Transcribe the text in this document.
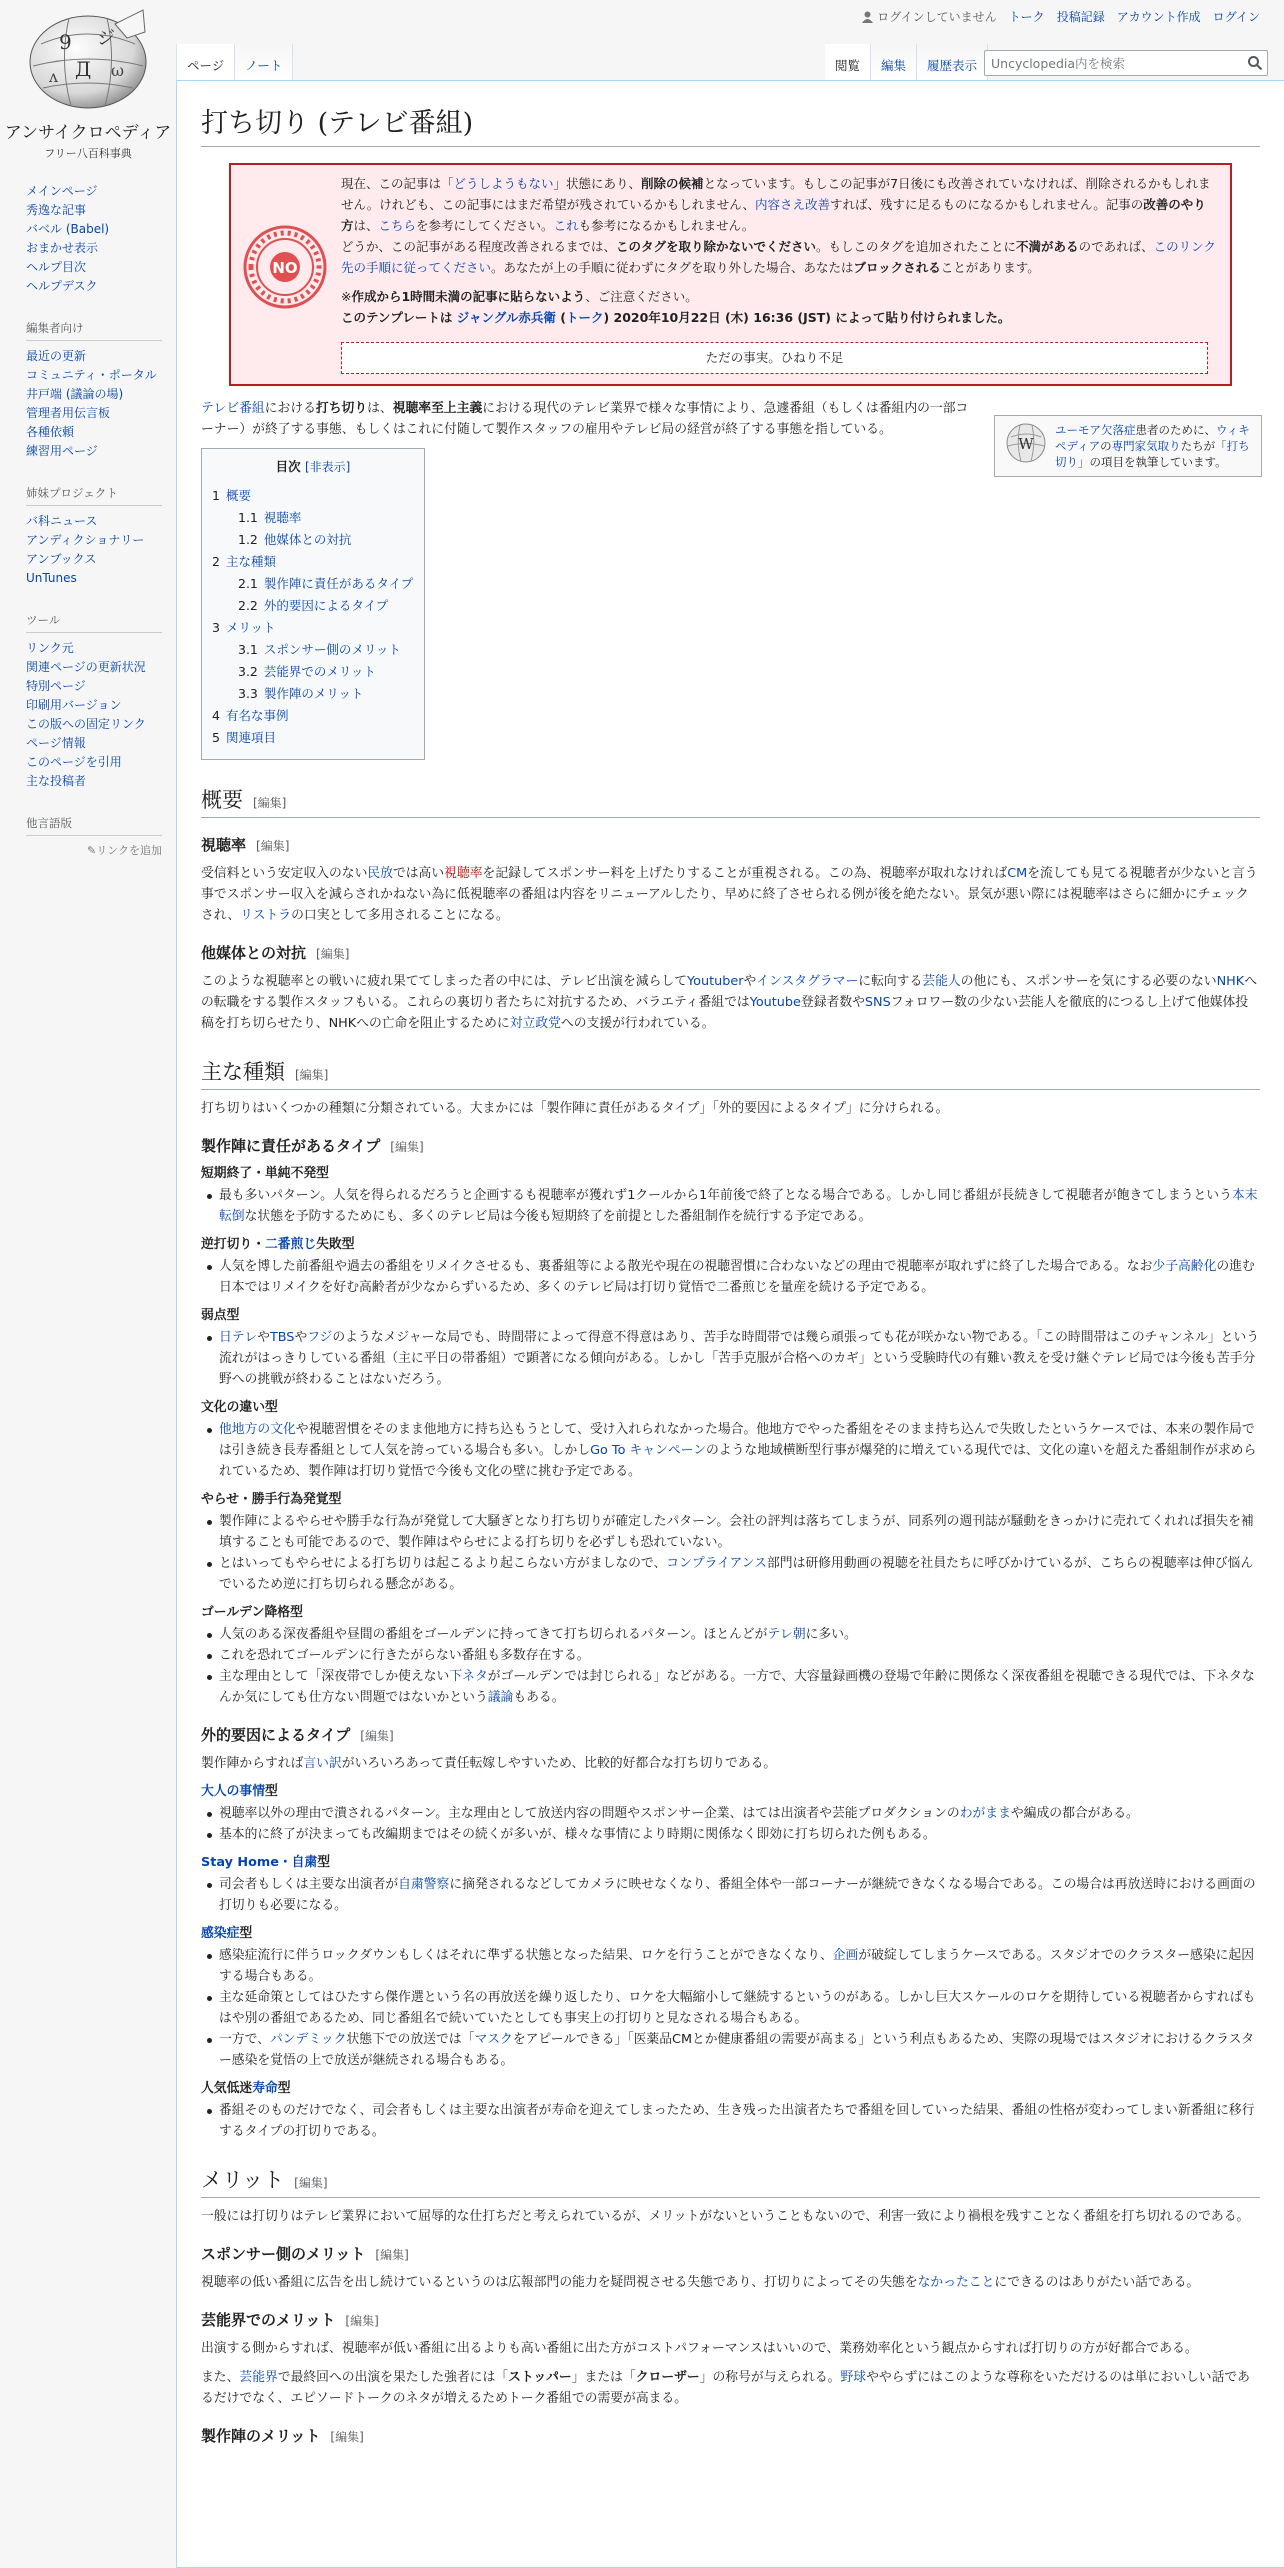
9 ジ
Д ω
ʌ
アンサイクロペディア
フリー八百科事典
メインページ
秀逸な記事
バベル (Babel)
おまかせ表示
ヘルプ目次
ヘルプデスク
編集者向け
最近の更新
コミュニティ・ポータル
井戸端 (議論の場)
管理者用伝言板
各種依頼
練習用ページ
姉妹プロジェクト
バ科ニュース
アンディクショナリー
アンブックス
UnTunes
ツール
リンク元
関連ページの更新状況
特別ページ
印刷用バージョン
この版への固定リンク
ページ情報
このページを引用
主な投稿者
他言語版
✎リンクを追加
ログインしていません トーク 投稿記録 アカウント作成 ログイン
ページ	ノート	閲覧	編集	履歴表示
Uncyclopedia内を検索
打ち切り (テレビ番組)
NO

現在、この記事は「どうしようもない」状態にあり、削除の候補となっています。もしこの記事が7日後にも改善されていなければ、削除されるかもしれません。けれども、この記事にはまだ希望が残されているかもしれません、内容さえ改善すれば、残すに足るものになるかもしれません。記事の改善のやり方は、こちらを参考にしてください。これも参考になるかもしれません。
どうか、この記事がある程度改善されるまでは、このタグを取り除かないでください。もしこのタグを追加されたことに不満があるのであれば、このリンク先の手順に従ってください。あなたが上の手順に従わずにタグを取り外した場合、あなたはブロックされることがあります。

※作成から1時間未満の記事に貼らないよう、ご注意ください。
このテンプレートは ジャングル赤兵衛 (トーク) 2020年10月22日 (木) 16:36 (JST) によって貼り付けられました。

ただの事実。ひねり不足
W
ユーモア欠落症患者のために、ウィキペディアの専門家気取りたちが「打ち切り」の項目を執筆しています。

テレビ番組における打ち切りは、視聴率至上主義における現代のテレビ業界で様々な事情により、急遽番組（もしくは番組内の一部コーナー）が終了する事態、もしくはこれに付随して製作スタッフの雇用やテレビ局の経営が終了する事態を指している。

目次 [非表示]
1 概要
1.1 視聴率
1.2 他媒体との対抗
2 主な種類
2.1 製作陣に責任があるタイプ
2.2 外的要因によるタイプ
3 メリット
3.1 スポンサー側のメリット
3.2 芸能界でのメリット
3.3 製作陣のメリット
4 有名な事例
5 関連項目
概要 [編集]
視聴率 [編集]

受信料という安定収入のない民放では高い視聴率を記録してスポンサー料を上げたりすることが重視される。この為、視聴率が取れなければCMを流しても見てる視聴者が少ないと言う事でスポンサー収入を減らされかねない為に低視聴率の番組は内容をリニューアルしたり、早めに終了させられる例が後を絶たない。景気が悪い際には視聴率はさらに細かにチェックされ、リストラの口実として多用されることになる。

他媒体との対抗 [編集]

このような視聴率との戦いに疲れ果ててしまった者の中には、テレビ出演を減らしてYoutuberやインスタグラマーに転向する芸能人の他にも、スポンサーを気にする必要のないNHKへの転職をする製作スタッフもいる。これらの裏切り者たちに対抗するため、バラエティ番組ではYoutube登録者数やSNSフォロワー数の少ない芸能人を徹底的につるし上げて他媒体投稿を打ち切らせたり、NHKへの亡命を阻止するために対立政党への支援が行われている。

主な種類 [編集]

打ち切りはいくつかの種類に分類されている。大まかには「製作陣に責任があるタイプ」「外的要因によるタイプ」に分けられる。

製作陣に責任があるタイプ [編集]
短期終了・単純不発型
最も多いパターン。人気を得られるだろうと企画するも視聴率が獲れず1クールから1年前後で終了となる場合である。しかし同じ番組が長続きして視聴者が飽きてしまうという本末転倒な状態を予防するためにも、多くのテレビ局は今後も短期終了を前提とした番組制作を続行する予定である。
逆打切り・二番煎じ失敗型
人気を博した前番組や過去の番組をリメイクさせるも、裏番組等による散光や現在の視聴習慣に合わないなどの理由で視聴率が取れずに終了した場合である。なお少子高齢化の進む日本ではリメイクを好む高齢者が少なからずいるため、多くのテレビ局は打切り覚悟で二番煎じを量産を続ける予定である。
弱点型
日テレやTBSやフジのようなメジャーな局でも、時間帯によって得意不得意はあり、苦手な時間帯では幾ら頑張っても花が咲かない物である。「この時間帯はこのチャンネル」という流れがはっきりしている番組（主に平日の帯番組）で顕著になる傾向がある。しかし「苦手克服が合格へのカギ」という受験時代の有難い教えを受け継ぐテレビ局では今後も苦手分野への挑戦が終わることはないだろう。
文化の違い型
他地方の文化や視聴習慣をそのまま他地方に持ち込もうとして、受け入れられなかった場合。他地方でやった番組をそのまま持ち込んで失敗したというケースでは、本来の製作局では引き続き長寿番組として人気を誇っている場合も多い。しかしGo To キャンペーンのような地域横断型行事が爆発的に増えている現代では、文化の違いを超えた番組制作が求められているため、製作陣は打切り覚悟で今後も文化の壁に挑む予定である。
やらせ・勝手行為発覚型
製作陣によるやらせや勝手な行為が発覚して大騒ぎとなり打ち切りが確定したパターン。会社の評判は落ちてしまうが、同系列の週刊誌が騒動をきっかけに売れてくれれば損失を補填することも可能であるので、製作陣はやらせによる打ち切りを必ずしも恐れていない。
とはいってもやらせによる打ち切りは起こるより起こらない方がましなので、コンプライアンス部門は研修用動画の視聴を社員たちに呼びかけているが、こちらの視聴率は伸び悩んでいるため逆に打ち切られる懸念がある。
ゴールデン降格型
人気のある深夜番組や昼間の番組をゴールデンに持ってきて打ち切られるパターン。ほとんどがテレ朝に多い。
これを恐れてゴールデンに行きたがらない番組も多数存在する。
主な理由として「深夜帯でしか使えない下ネタがゴールデンでは封じられる」などがある。一方で、大容量録画機の登場で年齢に関係なく深夜番組を視聴できる現代では、下ネタなんか気にしても仕方ない問題ではないかという議論もある。
外的要因によるタイプ [編集]

製作陣からすれば言い訳がいろいろあって責任転嫁しやすいため、比較的好都合な打ち切りである。

大人の事情型
視聴率以外の理由で潰されるパターン。主な理由として放送内容の問題やスポンサー企業、はては出演者や芸能プロダクションのわがままや編成の都合がある。
基本的に終了が決まっても改編期まではその続くが多いが、様々な事情により時期に関係なく即効に打ち切られた例もある。
Stay Home・自粛型
司会者もしくは主要な出演者が自粛警察に摘発されるなどしてカメラに映せなくなり、番組全体や一部コーナーが継続できなくなる場合である。この場合は再放送時における画面の打切りも必要になる。
感染症型
感染症流行に伴うロックダウンもしくはそれに準ずる状態となった結果、ロケを行うことができなくなり、企画が破綻してしまうケースである。スタジオでのクラスター感染に起因する場合もある。
主な延命策としてはひたすら傑作選という名の再放送を繰り返したり、ロケを大幅縮小して継続するというのがある。しかし巨大スケールのロケを期待している視聴者からすればもはや別の番組であるため、同じ番組名で続いていたとしても事実上の打切りと見なされる場合もある。
一方で、パンデミック状態下での放送では「マスクをアピールできる」「医薬品CMとか健康番組の需要が高まる」という利点もあるため、実際の現場ではスタジオにおけるクラスター感染を覚悟の上で放送が継続される場合もある。
人気低迷寿命型
番組そのものだけでなく、司会者もしくは主要な出演者が寿命を迎えてしまったため、生き残った出演者たちで番組を回していった結果、番組の性格が変わってしまい新番組に移行するタイプの打切りである。
メリット [編集]

一般には打切りはテレビ業界において屈辱的な仕打ちだと考えられているが、メリットがないということもないので、利害一致により禍根を残すことなく番組を打ち切れるのである。

スポンサー側のメリット [編集]

視聴率の低い番組に広告を出し続けているというのは広報部門の能力を疑問視させる失態であり、打切りによってその失態をなかったことにできるのはありがたい話である。

芸能界でのメリット [編集]

出演する側からすれば、視聴率が低い番組に出るよりも高い番組に出た方がコストパフォーマンスはいいので、業務効率化という観点からすれば打切りの方が好都合である。

また、芸能界で最終回への出演を果たした強者には「ストッパー」または「クローザー」の称号が与えられる。野球ややらずにはこのような尊称をいただけるのは単においしい話であるだけでなく、エピソードトークのネタが増えるためトーク番組での需要が高まる。

製作陣のメリット [編集]
